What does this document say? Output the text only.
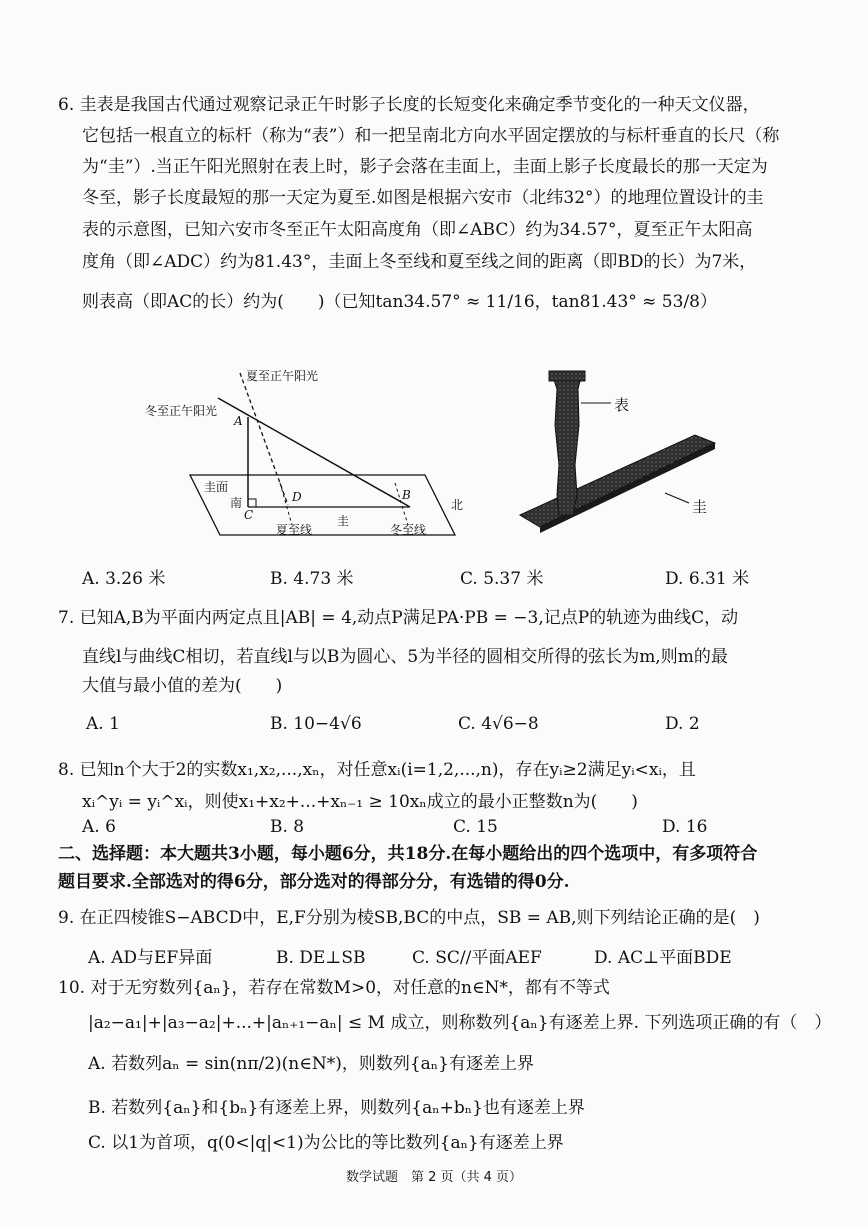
6. 圭表是我国古代通过观察记录正午时影子长度的长短变化来确定季节变化的一种天文仪器，
它包括一根直立的标杆（称为“表”）和一把呈南北方向水平固定摆放的与标杆垂直的长尺（称
为“圭”）.当正午阳光照射在表上时，影子会落在圭面上，圭面上影子长度最长的那一天定为
冬至，影子长度最短的那一天定为夏至.如图是根据六安市（北纬32°）的地理位置设计的圭
表的示意图，已知六安市冬至正午太阳高度角（即∠ABC）约为34.57°，夏至正午太阳高
度角（即∠ADC）约为81.43°，圭面上冬至线和夏至线之间的距离（即BD的长）为7米，
则表高（即AC的长）约为(　　)（已知tan34.57° ≈ 11/16，tan81.43° ≈ 53/8）
夏至正午阳光
冬至正午阳光
A
B
C
D
圭面
南	北
圭
夏至线	冬至线
表
圭
A. 3.26 米	B. 4.73 米	C. 5.37 米	D. 6.31 米
7. 已知A,B为平面内两定点且|AB| = 4,动点P满足PA·PB = −3,记点P的轨迹为曲线C，动
直线l与曲线C相切，若直线l与以B为圆心、5为半径的圆相交所得的弦长为m,则m的最
大值与最小值的差为(　　)
A. 1	B. 10−4√6	C. 4√6−8	D. 2
8. 已知n个大于2的实数x₁,x₂,...,xₙ，对任意xᵢ(i=1,2,...,n)，存在yᵢ≥2满足yᵢ<xᵢ，且
xᵢ^yᵢ = yᵢ^xᵢ，则使x₁+x₂+...+xₙ₋₁ ≥ 10xₙ成立的最小正整数n为(　　)
A. 6	B. 8	C. 15	D. 16
二、选择题：本大题共3小题，每小题6分，共18分.在每小题给出的四个选项中，有多项符合
题目要求.全部选对的得6分，部分选对的得部分分，有选错的得0分.
9. 在正四棱锥S−ABCD中，E,F分别为棱SB,BC的中点，SB = AB,则下列结论正确的是(　)
A. AD与EF异面	B. DE⊥SB	C. SC//平面AEF	D. AC⊥平面BDE
10. 对于无穷数列{aₙ}，若存在常数M>0，对任意的n∈N*，都有不等式
|a₂−a₁|+|a₃−a₂|+...+|aₙ₊₁−aₙ| ≤ M 成立，则称数列{aₙ}有逐差上界. 下列选项正确的有（　）
A. 若数列aₙ = sin(nπ/2)(n∈N*)，则数列{aₙ}有逐差上界
B. 若数列{aₙ}和{bₙ}有逐差上界，则数列{aₙ+bₙ}也有逐差上界
C. 以1为首项，q(0<|q|<1)为公比的等比数列{aₙ}有逐差上界
数学试题　第 2 页（共 4 页）
